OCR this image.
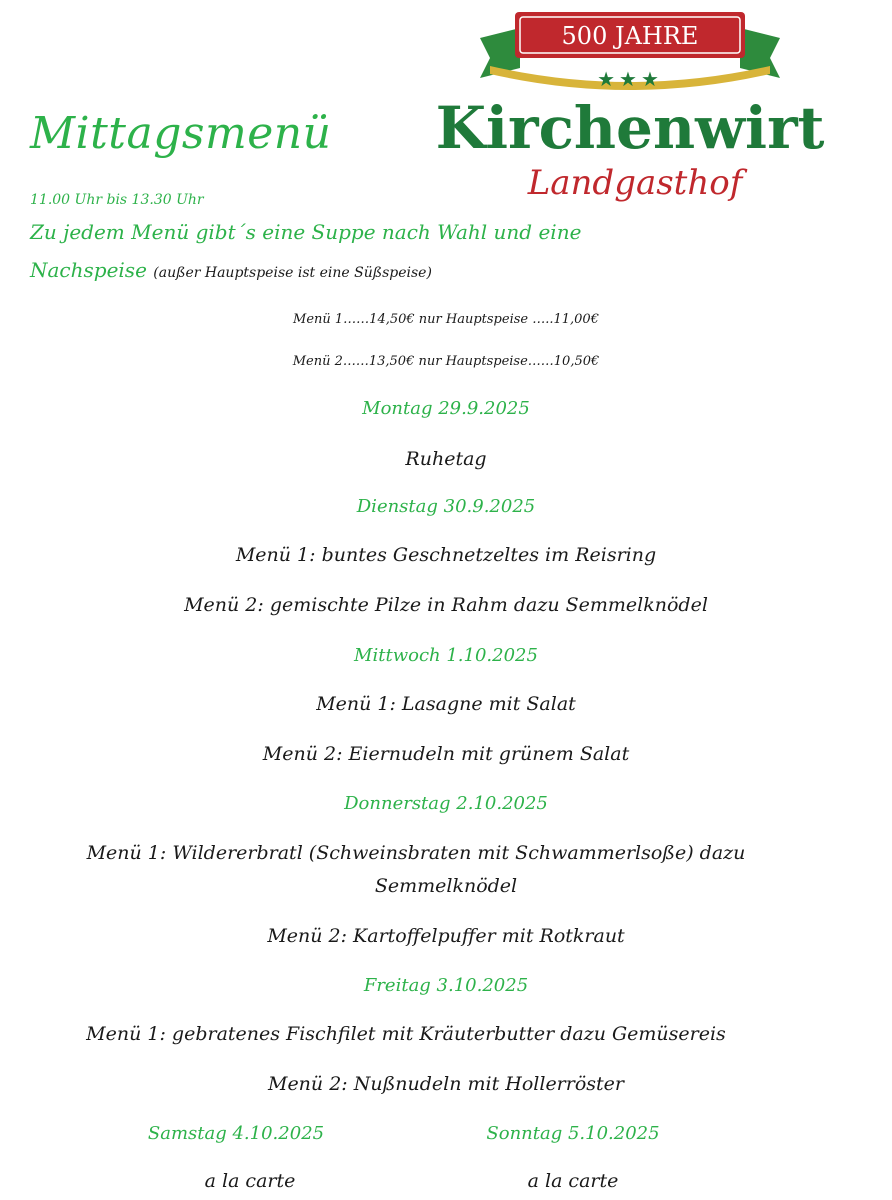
500 JAHRE
★★★
Kirchenwirt
Landgasthof
Mittagsmenü
11.00 Uhr bis 13.30 Uhr
Zu jedem Menü gibt´s eine Suppe nach Wahl und eine
Nachspeise (außer Hauptspeise ist eine Süßspeise)
Menü 1……14,50€ nur Hauptspeise …..11,00€
Menü 2……13,50€ nur Hauptspeise……10,50€
Montag 29.9.2025
Ruhetag
Dienstag 30.9.2025
Menü 1: buntes Geschnetzeltes im Reisring
Menü 2: gemischte Pilze in Rahm dazu Semmelknödel
Mittwoch 1.10.2025
Menü 1: Lasagne mit Salat
Menü 2: Eiernudeln mit grünem Salat
Donnerstag 2.10.2025
Menü 1: Wildererbratl (Schweinsbraten mit Schwammerlsoße) dazu
Semmelknödel
Menü 2: Kartoffelpuffer mit Rotkraut
Freitag 3.10.2025
Menü 1: gebratenes Fischfilet mit Kräuterbutter dazu Gemüsereis
Menü 2: Nußnudeln mit Hollerröster
Samstag 4.10.2025	Sonntag 5.10.2025
a la carte	a la carte
